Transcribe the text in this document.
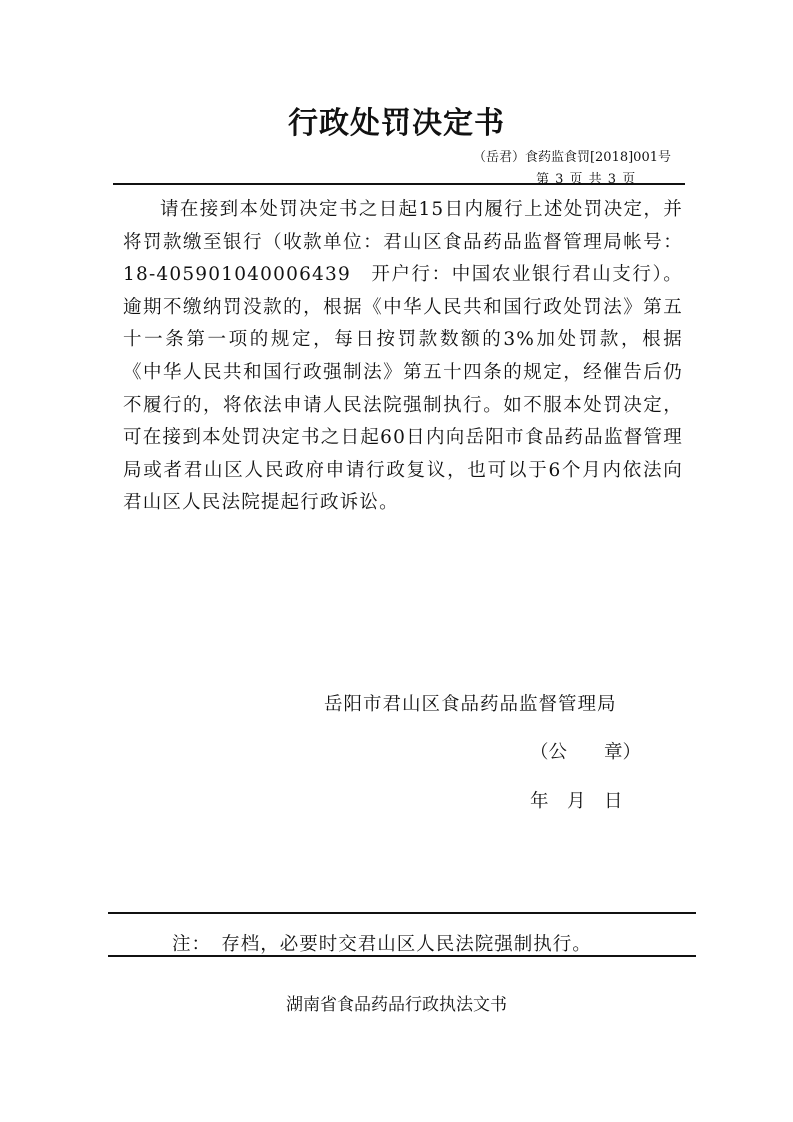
行政处罚决定书

（岳君）食药监食罚[2018]001号

第 3 页 共 3 页

请在接到本处罚决定书之日起15日内履行上述处罚决定，并将罚款缴至银行（收款单位：君山区食品药品监督管理局帐号：18-405901040006439　开户行：中国农业银行君山支行）。逾期不缴纳罚没款的，根据《中华人民共和国行政处罚法》第五十一条第一项的规定，每日按罚款数额的3%加处罚款，根据《中华人民共和国行政强制法》第五十四条的规定，经催告后仍不履行的，将依法申请人民法院强制执行。如不服本处罚决定，可在接到本处罚决定书之日起60日内向岳阳市食品药品监督管理局或者君山区人民政府申请行政复议，也可以于6个月内依法向君山区人民法院提起行政诉讼。

岳阳市君山区食品药品监督管理局

（公　　章）

年　月　日

注：　存档，必要时交君山区人民法院强制执行。

湖南省食品药品行政执法文书
